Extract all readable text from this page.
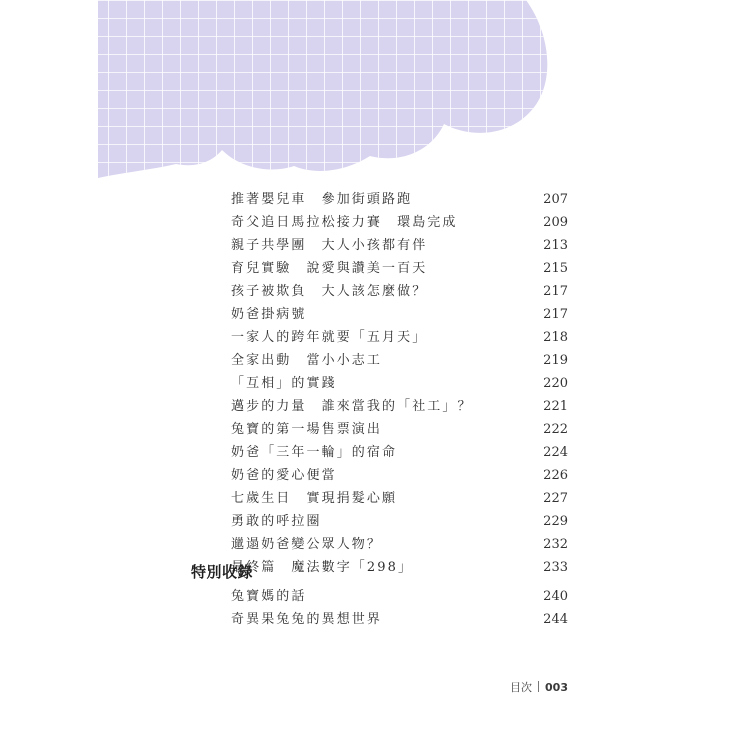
推著嬰兒車　參加街頭路跑	207
奇父追日馬拉松接力賽　環島完成	209
親子共學團　大人小孩都有伴	213
育兒實驗　說愛與讚美一百天	215
孩子被欺負　大人該怎麼做？	217
奶爸掛病號	217
一家人的跨年就要「五月天」	218
全家出動　當小小志工	219
「互相」的實踐	220
邁步的力量　誰來當我的「社工」？	221
兔寶的第一場售票演出	222
奶爸「三年一輪」的宿命	224
奶爸的愛心便當	226
七歲生日　實現捐髮心願	227
勇敢的呼拉圈	229
邋遢奶爸變公眾人物？	232
最終篇　魔法數字「298」	233
特別收錄
兔寶媽的話	240
奇異果兔兔的異想世界	244
目次 003
